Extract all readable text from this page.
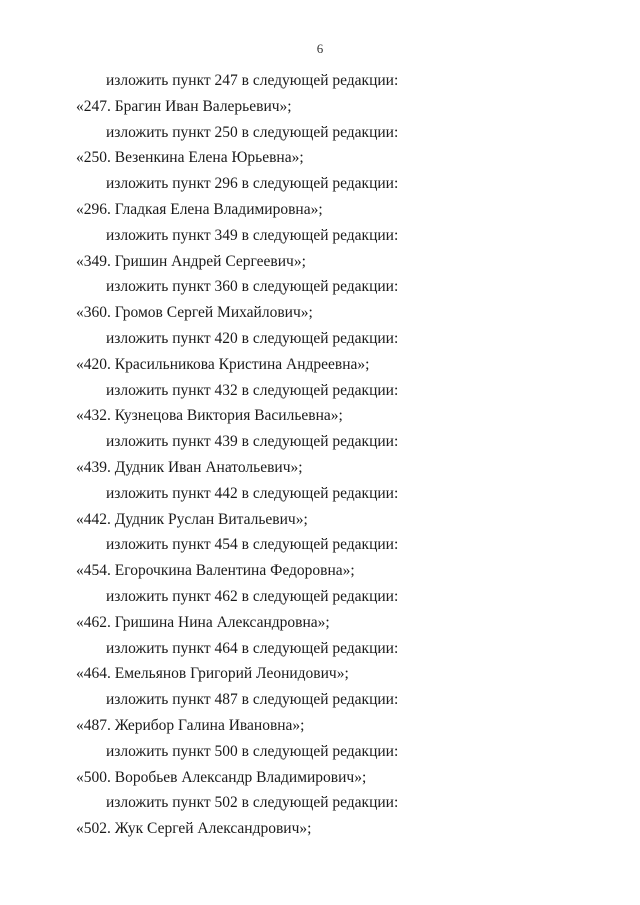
6
изложить пункт 247 в следующей редакции:
«247. Брагин Иван Валерьевич»;
изложить пункт 250 в следующей редакции:
«250. Везенкина Елена Юрьевна»;
изложить пункт 296 в следующей редакции:
«296. Гладкая Елена Владимировна»;
изложить пункт 349 в следующей редакции:
«349. Гришин Андрей Сергеевич»;
изложить пункт 360 в следующей редакции:
«360. Громов Сергей Михайлович»;
изложить пункт 420 в следующей редакции:
«420. Красильникова Кристина Андреевна»;
изложить пункт 432 в следующей редакции:
«432. Кузнецова Виктория Васильевна»;
изложить пункт 439 в следующей редакции:
«439. Дудник Иван Анатольевич»;
изложить пункт 442 в следующей редакции:
«442. Дудник Руслан Витальевич»;
изложить пункт 454 в следующей редакции:
«454. Егорочкина Валентина Федоровна»;
изложить пункт 462 в следующей редакции:
«462. Гришина Нина Александровна»;
изложить пункт 464 в следующей редакции:
«464. Емельянов Григорий Леонидович»;
изложить пункт 487 в следующей редакции:
«487. Жерибор Галина Ивановна»;
изложить пункт 500 в следующей редакции:
«500. Воробьев Александр Владимирович»;
изложить пункт 502 в следующей редакции:
«502. Жук Сергей Александрович»;
